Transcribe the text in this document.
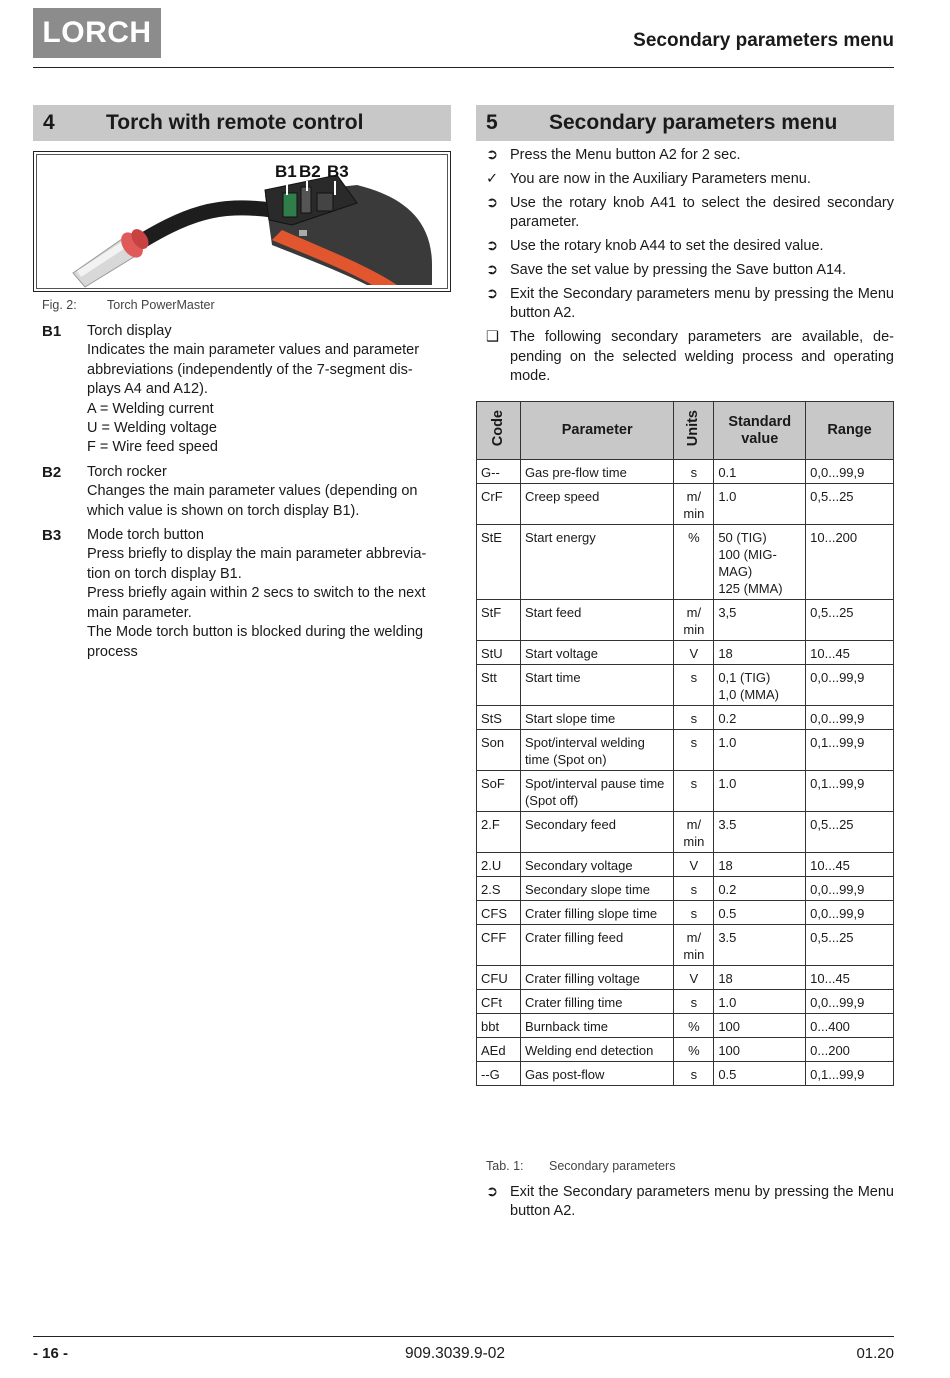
LORCH	Secondary parameters menu
4 Torch with remote control
B1 B2 B3
Fig. 2: Torch PowerMaster
B1 Torch display
Indicates the main parameter values and parameter
abbreviations (independently of the 7-segment dis-
plays A4 and A12).
A = Welding current
U = Welding voltage
F = Wire feed speed
B2 Torch rocker
Changes the main parameter values (depending on
which value is shown on torch display B1).
B3 Mode torch button
Press briefly to display the main parameter abbrevia-
tion on torch display B1.
Press briefly again within 2 secs to switch to the next
main parameter.
The Mode torch button is blocked during the welding
process
5 Secondary parameters menu
➲ Press the Menu button A2 for 2 sec.
✓ You are now in the Auxiliary Parameters menu.
➲ Use the rotary knob A41 to select the desired secondary parameter.
➲ Use the rotary knob A44 to set the desired value.
➲ Save the set value by pressing the Save button A14.
➲ Exit the Secondary parameters menu by pressing the Menu button A2.
❑ The following secondary parameters are available, de-pending on the selected welding process and operating mode.
Code	Parameter	Units	Standard value	Range
G--	Gas pre-flow time	s	0.1	0,0...99,9
CrF	Creep speed	m/ min	1.0	0,5...25
StE	Start energy	%	50 (TIG)
100 (MIG-MAG)
125 (MMA)	10...200
StF	Start feed	m/ min	3,5	0,5...25
StU	Start voltage	V	18	10...45
Stt	Start time	s	0,1 (TIG)
1,0 (MMA)	0,0...99,9
StS	Start slope time	s	0.2	0,0...99,9
Son	Spot/interval welding time (Spot on)	s	1.0	0,1...99,9
SoF	Spot/interval pause time
(Spot off)	s	1.0	0,1...99,9
2.F	Secondary feed	m/ min	3.5	0,5...25
2.U	Secondary voltage	V	18	10...45
2.S	Secondary slope time	s	0.2	0,0...99,9
CFS	Crater filling slope time	s	0.5	0,0...99,9
CFF	Crater filling feed	m/ min	3.5	0,5...25
CFU	Crater filling voltage	V	18	10...45
CFt	Crater filling time	s	1.0	0,0...99,9
bbt	Burnback time	%	100	0...400
AEd	Welding end detection	%	100	0...200
--G	Gas post-flow	s	0.5	0,1...99,9
Tab. 1: Secondary parameters
➲ Exit the Secondary parameters menu by pressing the Menu button A2.
- 16 -	909.3039.9-02	01.20
